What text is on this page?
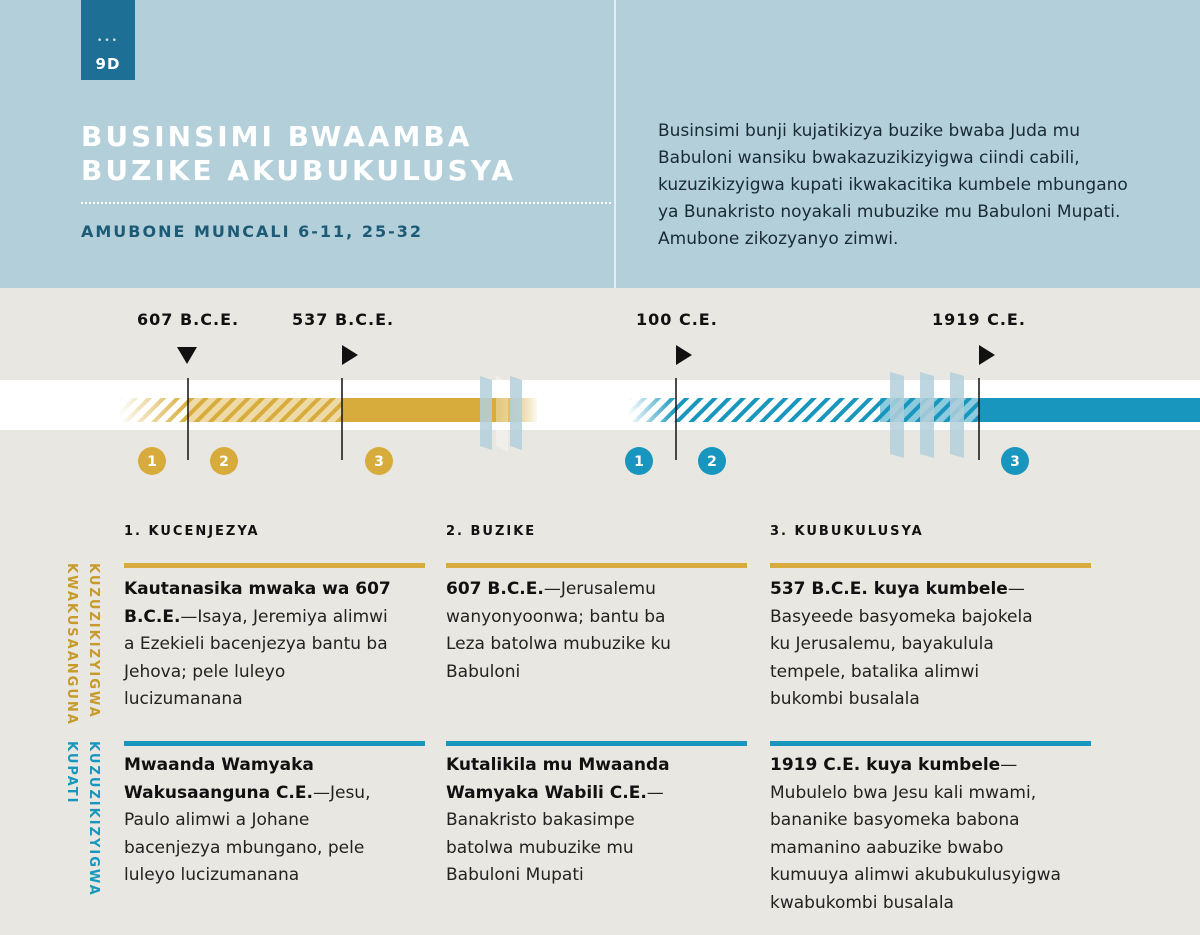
•••
9D
BUSINSIMI BWAAMBA BUZIKE AKUBUKULUSYA
AMUBONE MUNCALI 6-11, 25-32
Businsimi bunji kujatikizya buzike bwaba Juda mu Babuloni wansiku bwakazuzikizyigwa ciindi cabili, kuzuzikizyigwa kupati ikwakacitika kumbele mbungano ya Bunakristo noyakali mubuzike mu Babuloni Mupati. Amubone zikozyanyo zimwi.
607 B.C.E.	537 B.C.E.	100 C.E.	1919 C.E.
1	2	3	1	2	3
1. KUCENJEZYA	2. BUZIKE	3. KUBUKULUSYA
KUZUZIKIZYIGWA
KWAKUSAANGUNA
KUZUZIKIZYIGWA
KUPATI
Kautanasika mwaka wa 607 B.C.E.—Isaya, Jeremiya alimwi a Ezekieli bacenjezya bantu ba Jehova; pele luleyo lucizumanana
607 B.C.E.—Jerusalemu wanyonyoonwa; bantu ba Leza batolwa mubuzike ku Babuloni
537 B.C.E. kuya kumbele—Basyeede basyomeka bajokela ku Jerusalemu, bayakulula tempele, batalika alimwi bukombi busalala
Mwaanda Wamyaka Wakusaanguna C.E.—Jesu, Paulo alimwi a Johane bacenjezya mbungano, pele luleyo lucizumanana
Kutalikila mu Mwaanda Wamyaka Wabili C.E.—Banakristo bakasimpe batolwa mubuzike mu Babuloni Mupati
1919 C.E. kuya kumbele—Mubulelo bwa Jesu kali mwami, bananike basyomeka babona mamanino aabuzike bwabo kumuuya alimwi akubukulusyigwa kwabukombi busalala
